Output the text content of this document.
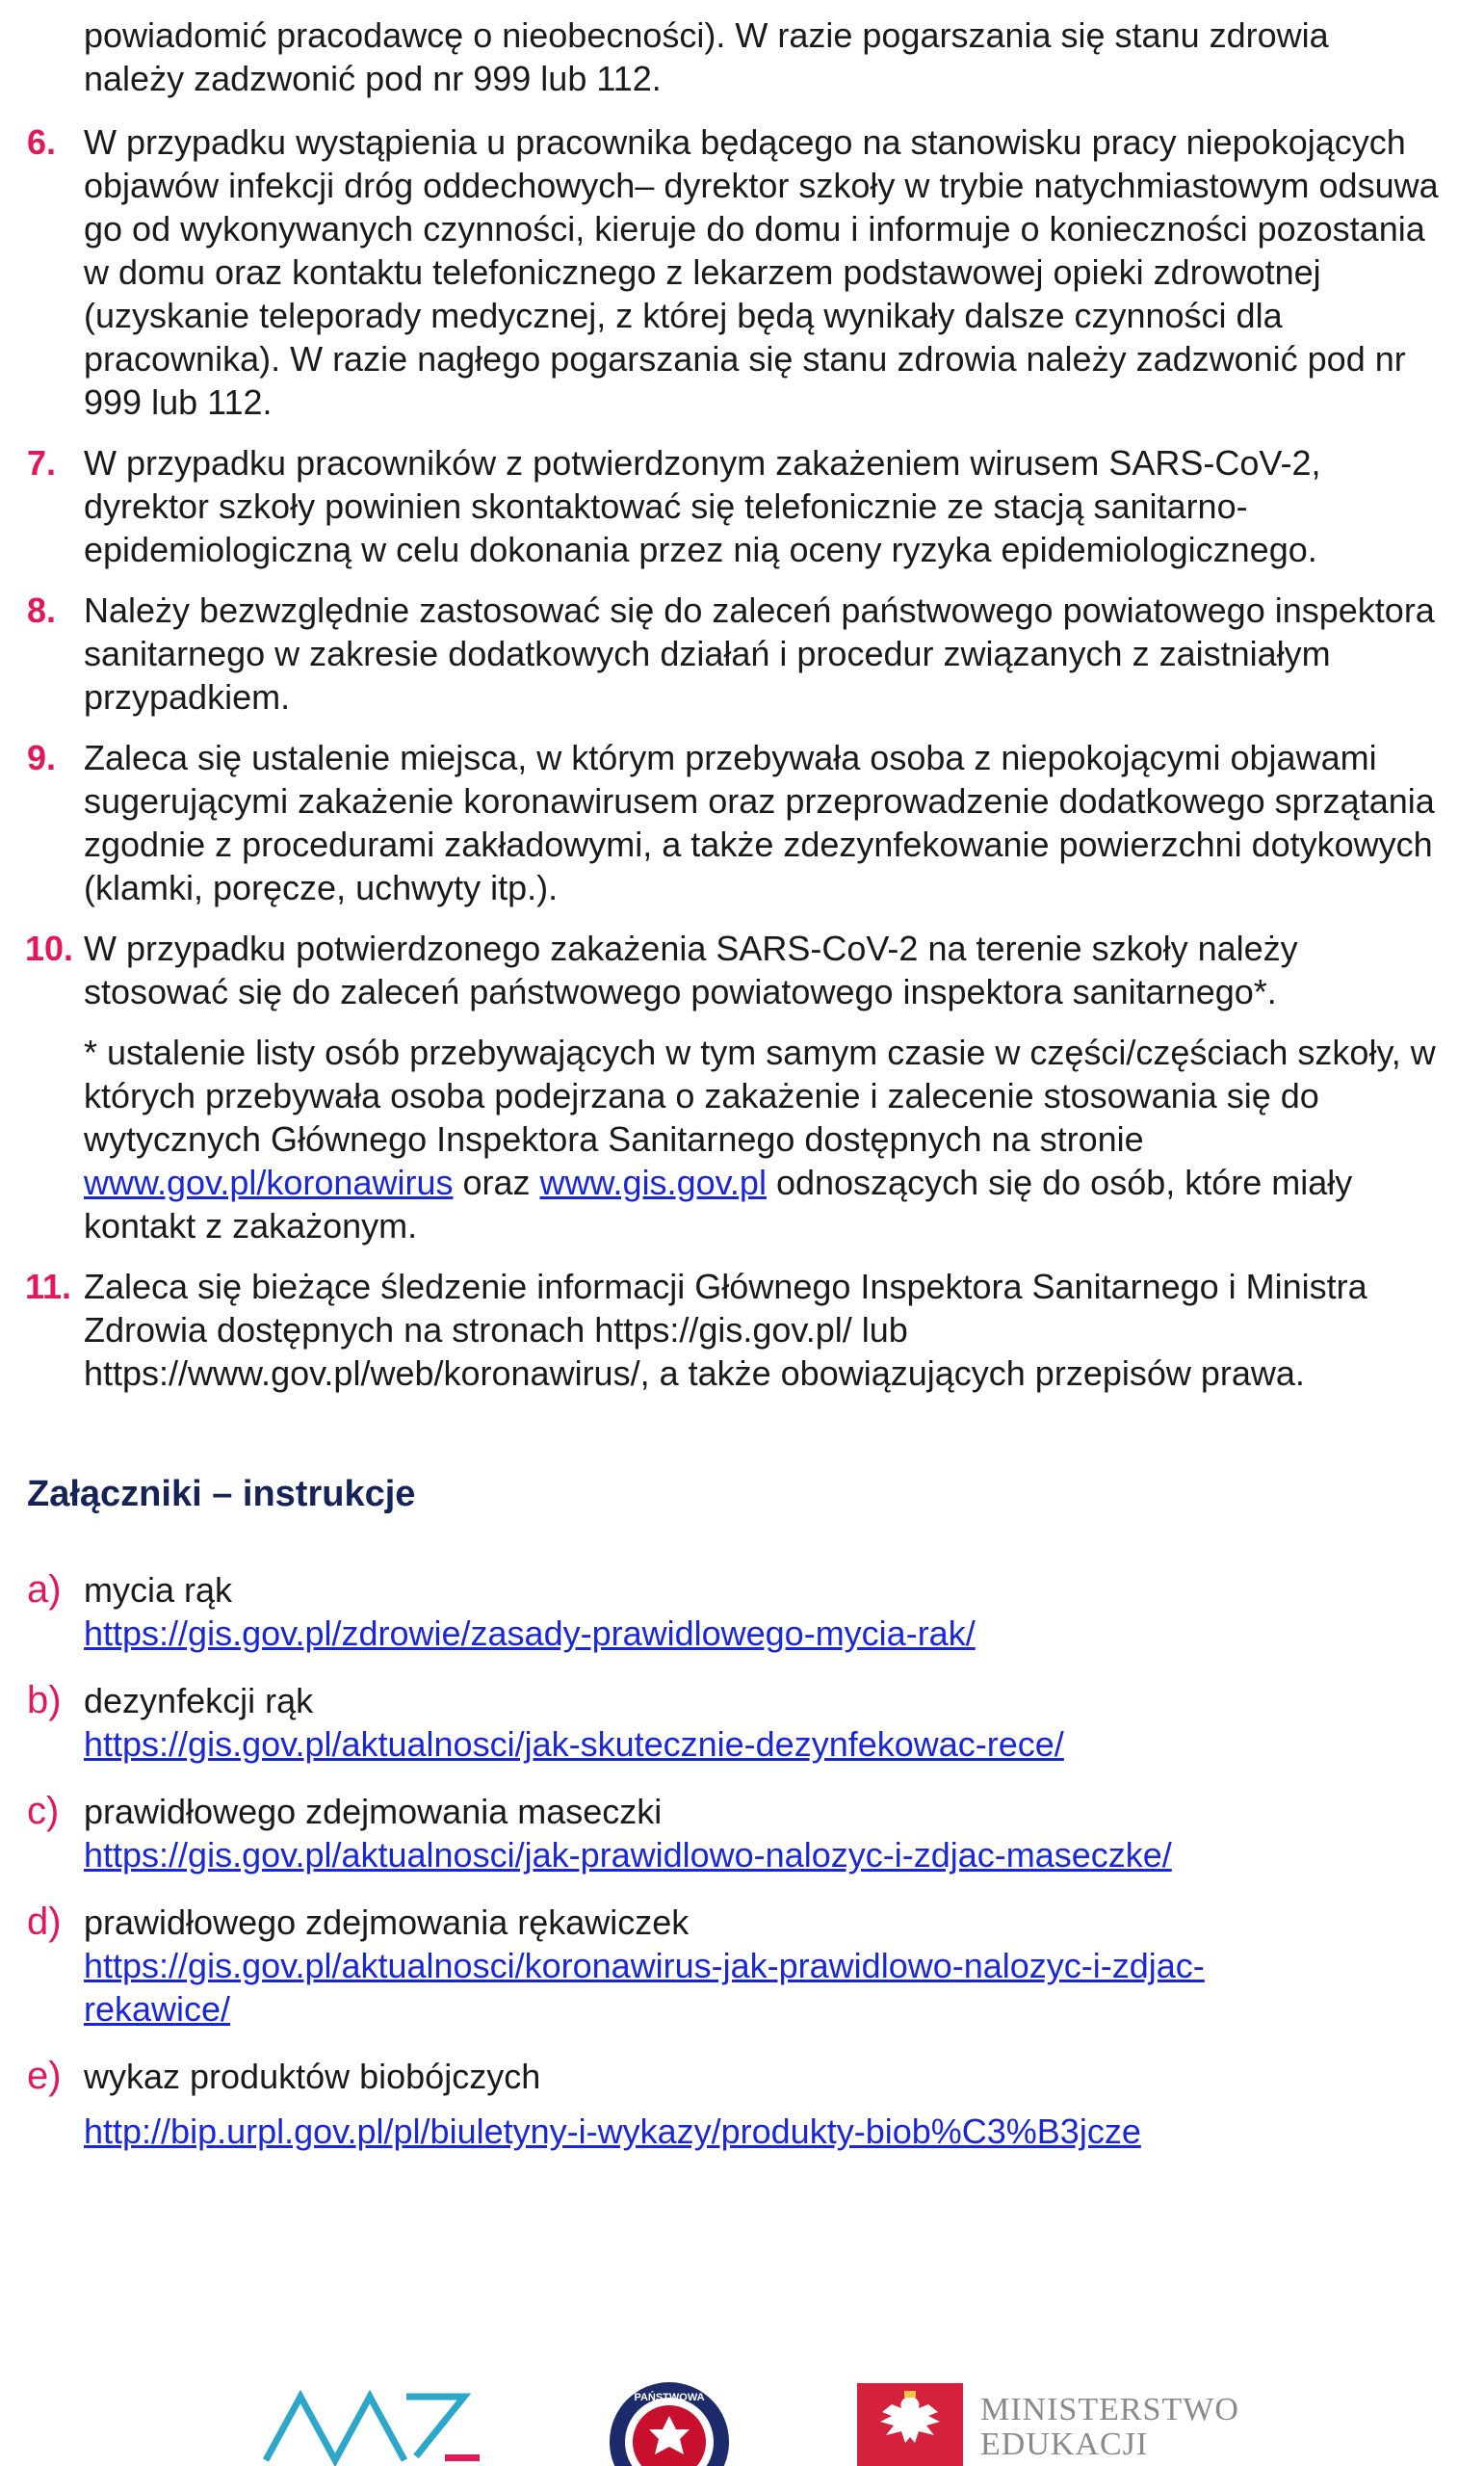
powiadomić pracodawcę o nieobecności). W razie pogarszania się stanu zdrowia

należy zadzwonić pod nr 999 lub 112.

6. W przypadku wystąpienia u pracownika będącego na stanowisku pracy niepokojących objawów infekcji dróg oddechowych– dyrektor szkoły w trybie natychmiastowym odsuwa go od wykonywanych czynności, kieruje do domu i informuje o konieczności pozostania w domu oraz kontaktu telefonicznego z lekarzem podstawowej opieki zdrowotnej (uzyskanie teleporady medycznej, z której będą wynikały dalsze czynności dla pracownika). W razie nagłego pogarszania się stanu zdrowia należy zadzwonić pod nr 999 lub 112.
7. W przypadku pracowników z potwierdzonym zakażeniem wirusem SARS-CoV-2, dyrektor szkoły powinien skontaktować się telefonicznie ze stacją sanitarno-epidemiologiczną w celu dokonania przez nią oceny ryzyka epidemiologicznego.
8. Należy bezwzględnie zastosować się do zaleceń państwowego powiatowego inspektora sanitarnego w zakresie dodatkowych działań i procedur związanych z zaistniałym przypadkiem.
9. Zaleca się ustalenie miejsca, w którym przebywała osoba z niepokojącymi objawami sugerującymi zakażenie koronawirusem oraz przeprowadzenie dodatkowego sprzątania zgodnie z procedurami zakładowymi, a także zdezynfekowanie powierzchni dotykowych (klamki, poręcze, uchwyty itp.).
10. W przypadku potwierdzonego zakażenia SARS-CoV-2 na terenie szkoły należy stosować się do zaleceń państwowego powiatowego inspektora sanitarnego*.
* ustalenie listy osób przebywających w tym samym czasie w części/częściach szkoły, w których przebywała osoba podejrzana o zakażenie i zalecenie stosowania się do wytycznych Głównego Inspektora Sanitarnego dostępnych na stronie www.gov.pl/koronawirus oraz www.gis.gov.pl odnoszących się do osób, które miały kontakt z zakażonym.
11. Zaleca się bieżące śledzenie informacji Głównego Inspektora Sanitarnego i Ministra Zdrowia dostępnych na stronach https://gis.gov.pl/ lub https://www.gov.pl/web/koronawirus/, a także obowiązujących przepisów prawa.
Załączniki – instrukcje
a) mycia rąk
https://gis.gov.pl/zdrowie/zasady-prawidlowego-mycia-rak/
b) dezynfekcji rąk
https://gis.gov.pl/aktualnosci/jak-skutecznie-dezynfekowac-rece/
c) prawidłowego zdejmowania maseczki
https://gis.gov.pl/aktualnosci/jak-prawidlowo-nalozyc-i-zdjac-maseczke/
d) prawidłowego zdejmowania rękawiczek
https://gis.gov.pl/aktualnosci/koronawirus-jak-prawidlowo-nalozyc-i-zdjac-rekawice/
e) wykaz produktów biobójczych
http://bip.urpl.gov.pl/pl/biuletyny-i-wykazy/produkty-biob%C3%B3jcze
PAŃSTWOWA	MINISTERSTWO
EDUKACJI
